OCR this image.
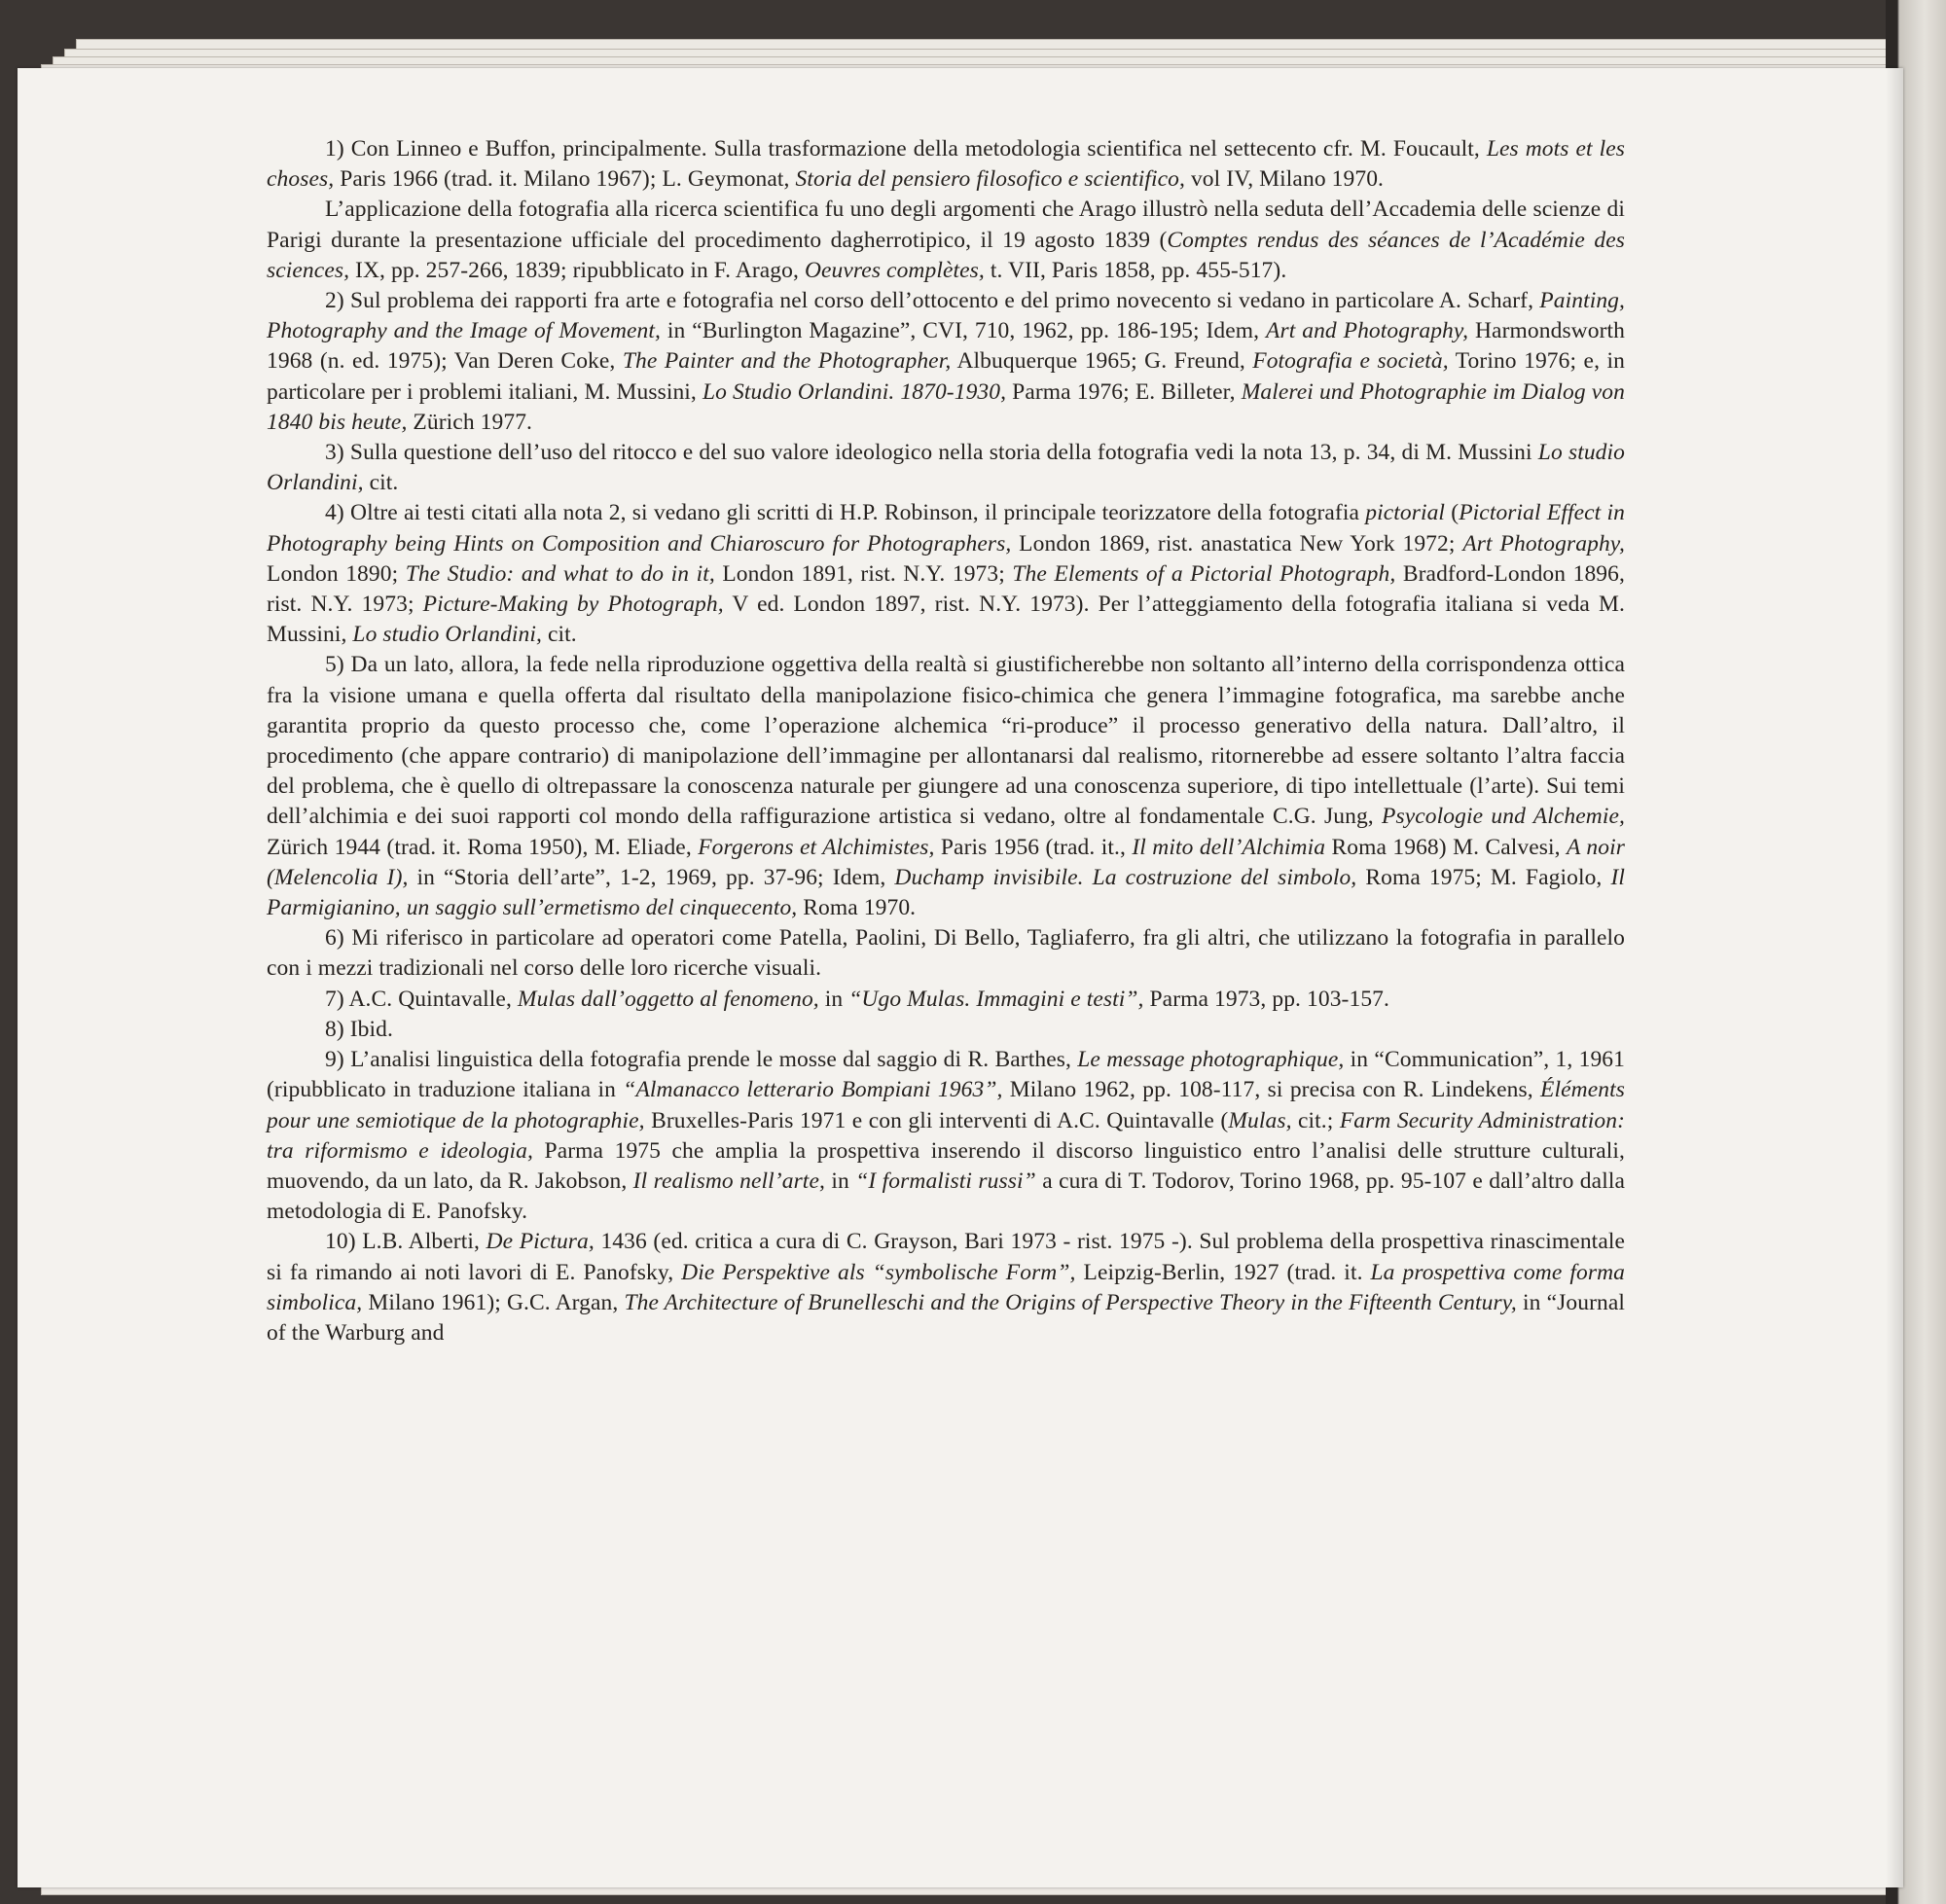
1) Con Linneo e Buffon, principalmente. Sulla trasformazione della metodologia scientifica nel settecento cfr. M. Foucault, Les mots et les choses, Paris 1966 (trad. it. Milano 1967); L. Geymonat, Storia del pensiero filosofico e scientifico, vol IV, Milano 1970.

L’applicazione della fotografia alla ricerca scientifica fu uno degli argomenti che Arago illustrò nella seduta dell’Accademia delle scienze di Parigi durante la presentazione ufficiale del procedimento dagherrotipico, il 19 agosto 1839 (Comptes rendus des séances de l’Académie des sciences, IX, pp. 257-266, 1839; ripubblicato in F. Arago, Oeuvres complètes, t. VII, Paris 1858, pp. 455-517).

2) Sul problema dei rapporti fra arte e fotografia nel corso dell’ottocento e del primo novecento si vedano in particolare A. Scharf, Painting, Photography and the Image of Movement, in “Burlington Magazine”, CVI, 710, 1962, pp. 186-195; Idem, Art and Photography, Harmondsworth 1968 (n. ed. 1975); Van Deren Coke, The Painter and the Photographer, Albuquerque 1965; G. Freund, Fotografia e società, Torino 1976; e, in particolare per i problemi italiani, M. Mussini, Lo Studio Orlandini. 1870-1930, Parma 1976; E. Billeter, Malerei und Photographie im Dialog von 1840 bis heute, Zürich 1977.

3) Sulla questione dell’uso del ritocco e del suo valore ideologico nella storia della fotografia vedi la nota 13, p. 34, di M. Mussini Lo studio Orlandini, cit.

4) Oltre ai testi citati alla nota 2, si vedano gli scritti di H.P. Robinson, il principale teorizzatore della fotografia pictorial (Pictorial Effect in Photography being Hints on Composition and Chiaroscuro for Photographers, London 1869, rist. anastatica New York 1972; Art Photography, London 1890; The Studio: and what to do in it, London 1891, rist. N.Y. 1973; The Elements of a Pictorial Photograph, Bradford-London 1896, rist. N.Y. 1973; Picture-Making by Photograph, V ed. London 1897, rist. N.Y. 1973). Per l’atteggiamento della fotografia italiana si veda M. Mussini, Lo studio Orlandini, cit.

5) Da un lato, allora, la fede nella riproduzione oggettiva della realtà si giustificherebbe non soltanto all’interno della corrispondenza ottica fra la visione umana e quella offerta dal risultato della manipolazione fisico-chimica che genera l’immagine fotografica, ma sarebbe anche garantita proprio da questo processo che, come l’operazione alchemica “ri-produce” il processo generativo della natura. Dall’altro, il procedimento (che appare contrario) di manipolazione dell’immagine per allontanarsi dal realismo, ritornerebbe ad essere soltanto l’altra faccia del problema, che è quello di oltrepassare la conoscenza naturale per giungere ad una conoscenza superiore, di tipo intellettuale (l’arte). Sui temi dell’alchimia e dei suoi rapporti col mondo della raffigurazione artistica si vedano, oltre al fondamentale C.G. Jung, Psycologie und Alchemie, Zürich 1944 (trad. it. Roma 1950), M. Eliade, Forgerons et Alchimistes, Paris 1956 (trad. it., Il mito dell’Alchimia Roma 1968) M. Calvesi, A noir (Melencolia I), in “Storia dell’arte”, 1-2, 1969, pp. 37-96; Idem, Duchamp invisibile. La costruzione del simbolo, Roma 1975; M. Fagiolo, Il Parmigianino, un saggio sull’ermetismo del cinquecento, Roma 1970.

6) Mi riferisco in particolare ad operatori come Patella, Paolini, Di Bello, Tagliaferro, fra gli altri, che utilizzano la fotografia in parallelo con i mezzi tradizionali nel corso delle loro ricerche visuali.

7) A.C. Quintavalle, Mulas dall’oggetto al fenomeno, in “Ugo Mulas. Immagini e testi”, Parma 1973, pp. 103-157.

8) Ibid.

9) L’analisi linguistica della fotografia prende le mosse dal saggio di R. Barthes, Le message photographique, in “Communication”, 1, 1961 (ripubblicato in traduzione italiana in “Almanacco letterario Bompiani 1963”, Milano 1962, pp. 108-117, si precisa con R. Lindekens, Éléments pour une semiotique de la photographie, Bruxelles-Paris 1971 e con gli interventi di A.C. Quintavalle (Mulas, cit.; Farm Security Administration: tra riformismo e ideologia, Parma 1975 che amplia la prospettiva inserendo il discorso linguistico entro l’analisi delle strutture culturali, muovendo, da un lato, da R. Jakobson, Il realismo nell’arte, in “I formalisti russi” a cura di T. Todorov, Torino 1968, pp. 95-107 e dall’altro dalla metodologia di E. Panofsky.

10) L.B. Alberti, De Pictura, 1436 (ed. critica a cura di C. Grayson, Bari 1973 - rist. 1975 -). Sul problema della prospettiva rinascimentale si fa rimando ai noti lavori di E. Panofsky, Die Perspektive als “symbolische Form”, Leipzig-Berlin, 1927 (trad. it. La prospettiva come forma simbolica, Milano 1961); G.C. Argan, The Architecture of Brunelleschi and the Origins of Perspective Theory in the Fifteenth Century, in “Journal of the Warburg and
